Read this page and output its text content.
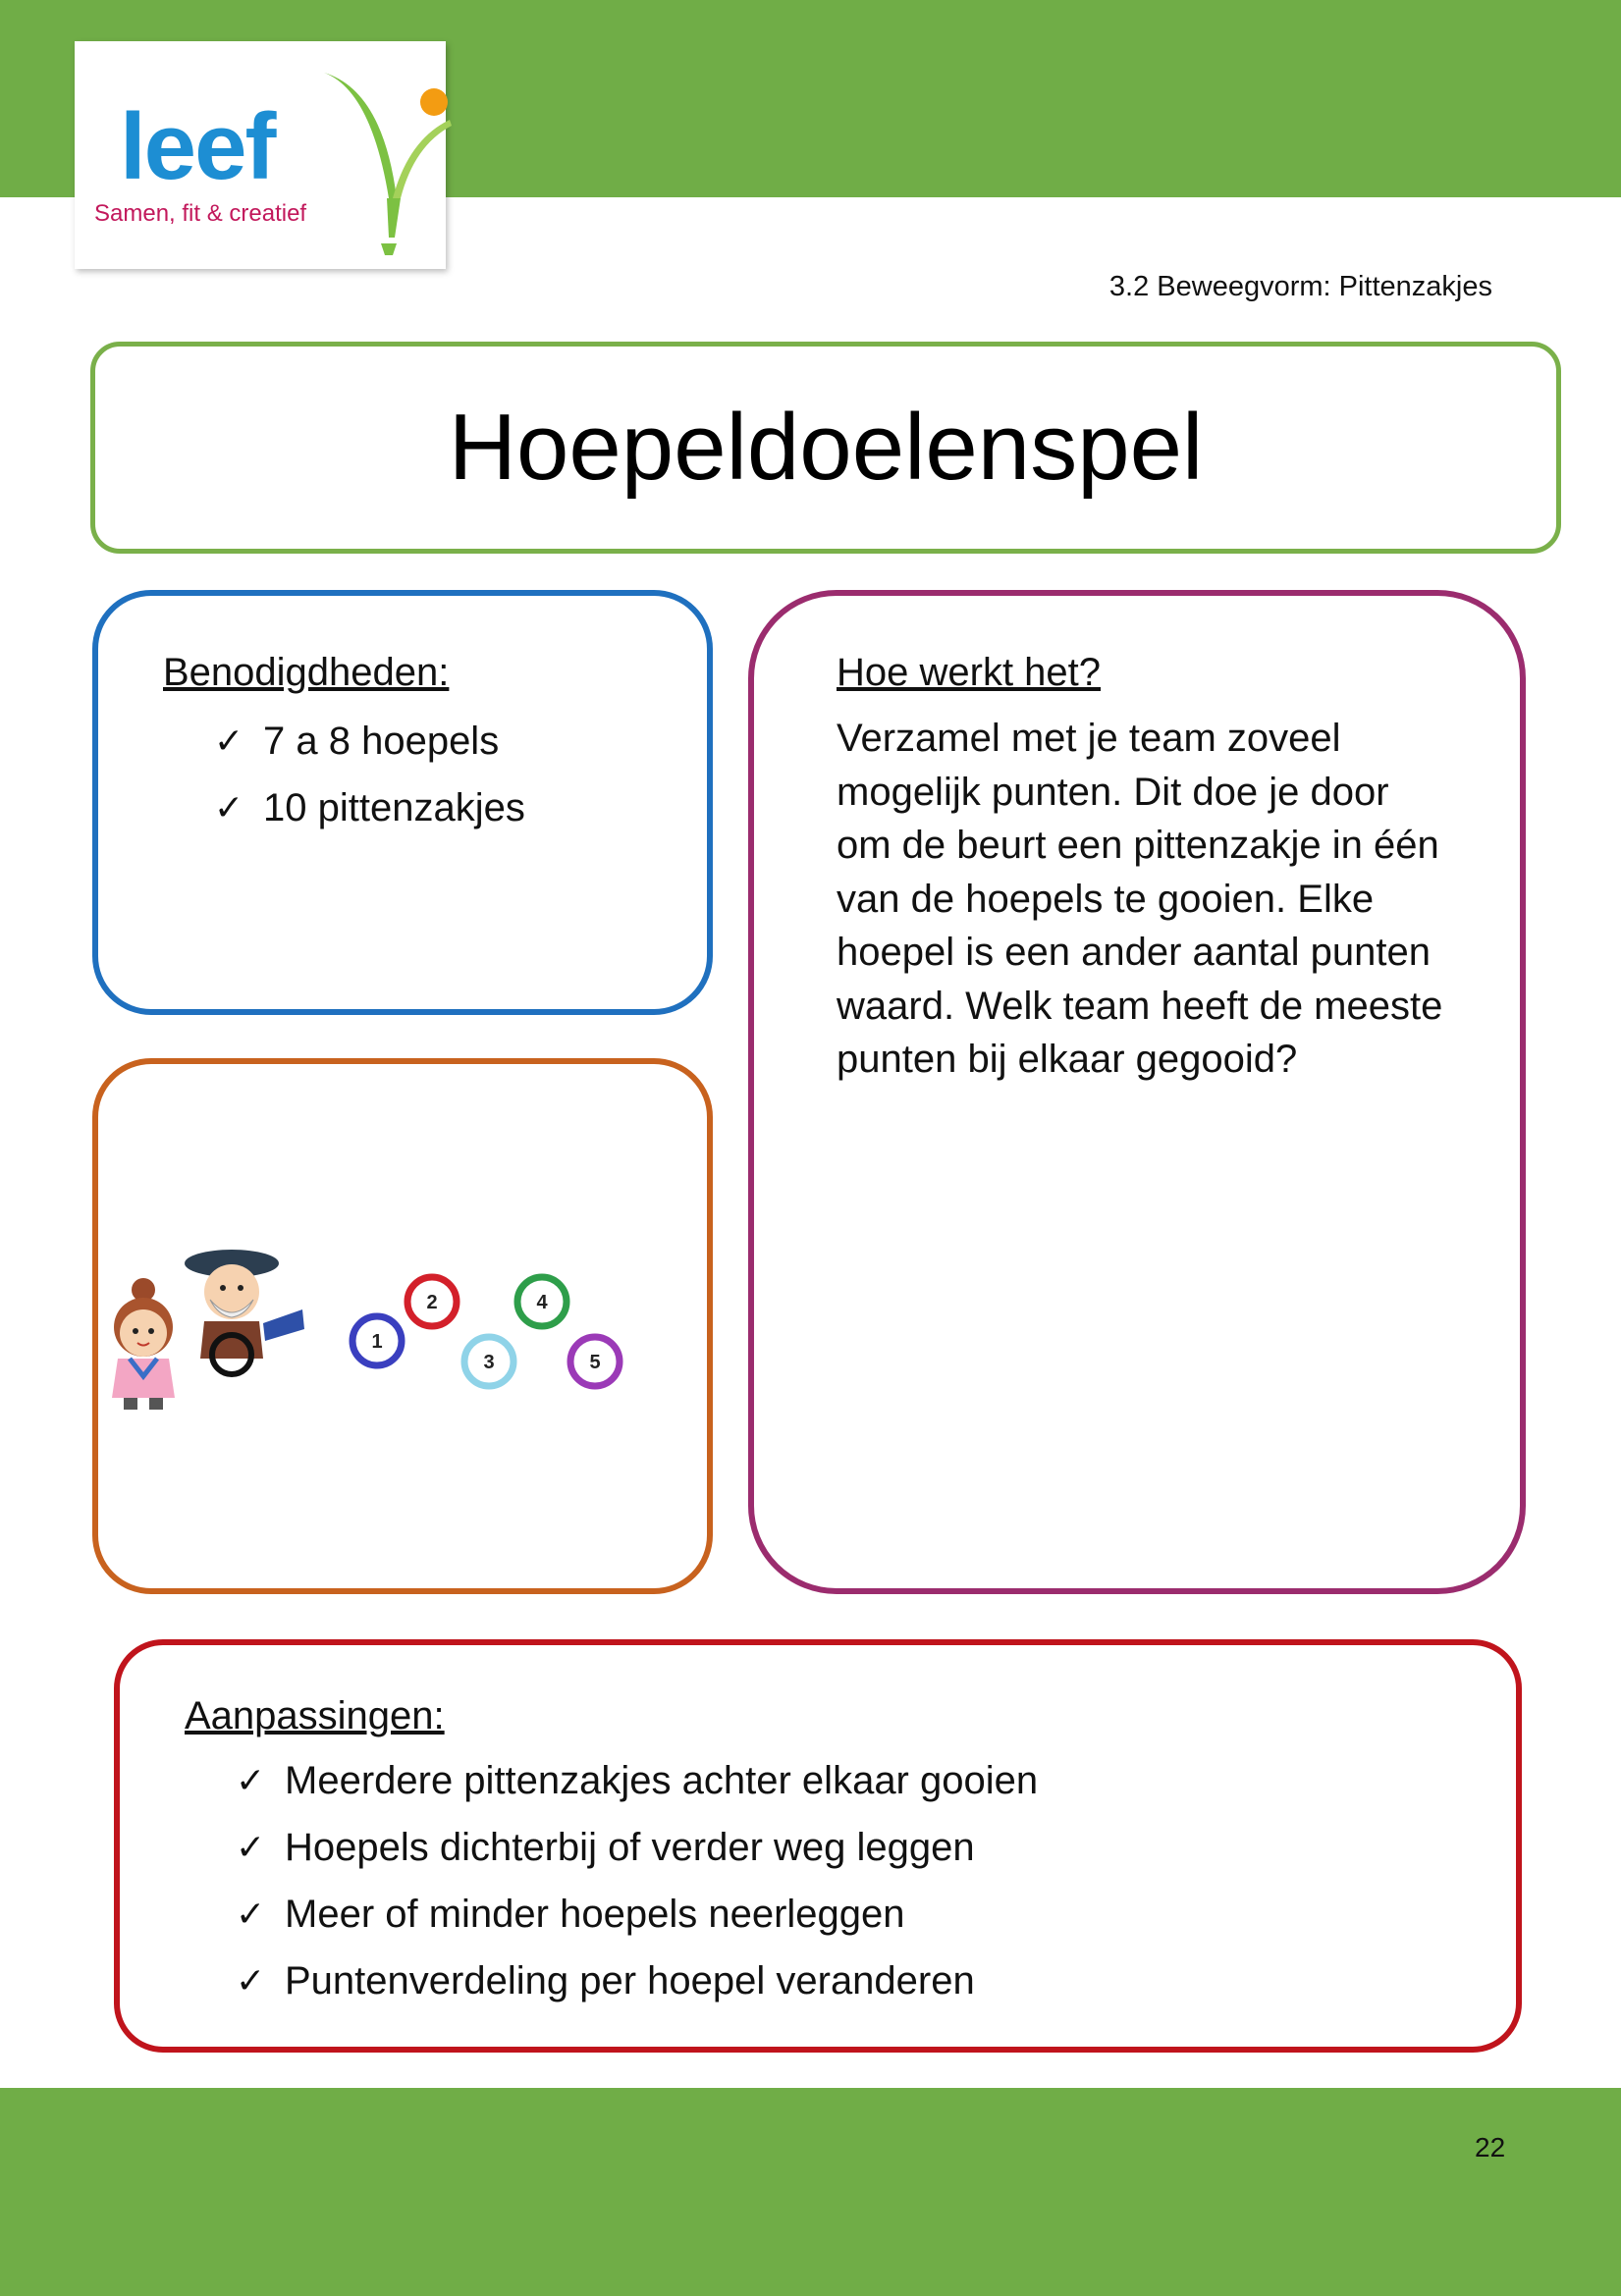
leef
Samen, fit & creatief
3.2 Beweegvorm: Pittenzakjes
Hoepeldoelenspel
Benodigdheden:
✓ 7 a 8 hoepels
✓ 10 pittenzakjes
1
2
3
4
5
Hoe werkt het?
Verzamel met je team zoveel
mogelijk punten. Dit doe je door
om de beurt een pittenzakje in één
van de hoepels te gooien. Elke
hoepel is een ander aantal punten
waard. Welk team heeft de meeste
punten bij elkaar gegooid?
Aanpassingen:
✓ Meerdere pittenzakjes achter elkaar gooien
✓ Hoepels dichterbij of verder weg leggen
✓ Meer of minder hoepels neerleggen
✓ Puntenverdeling per hoepel veranderen
22
